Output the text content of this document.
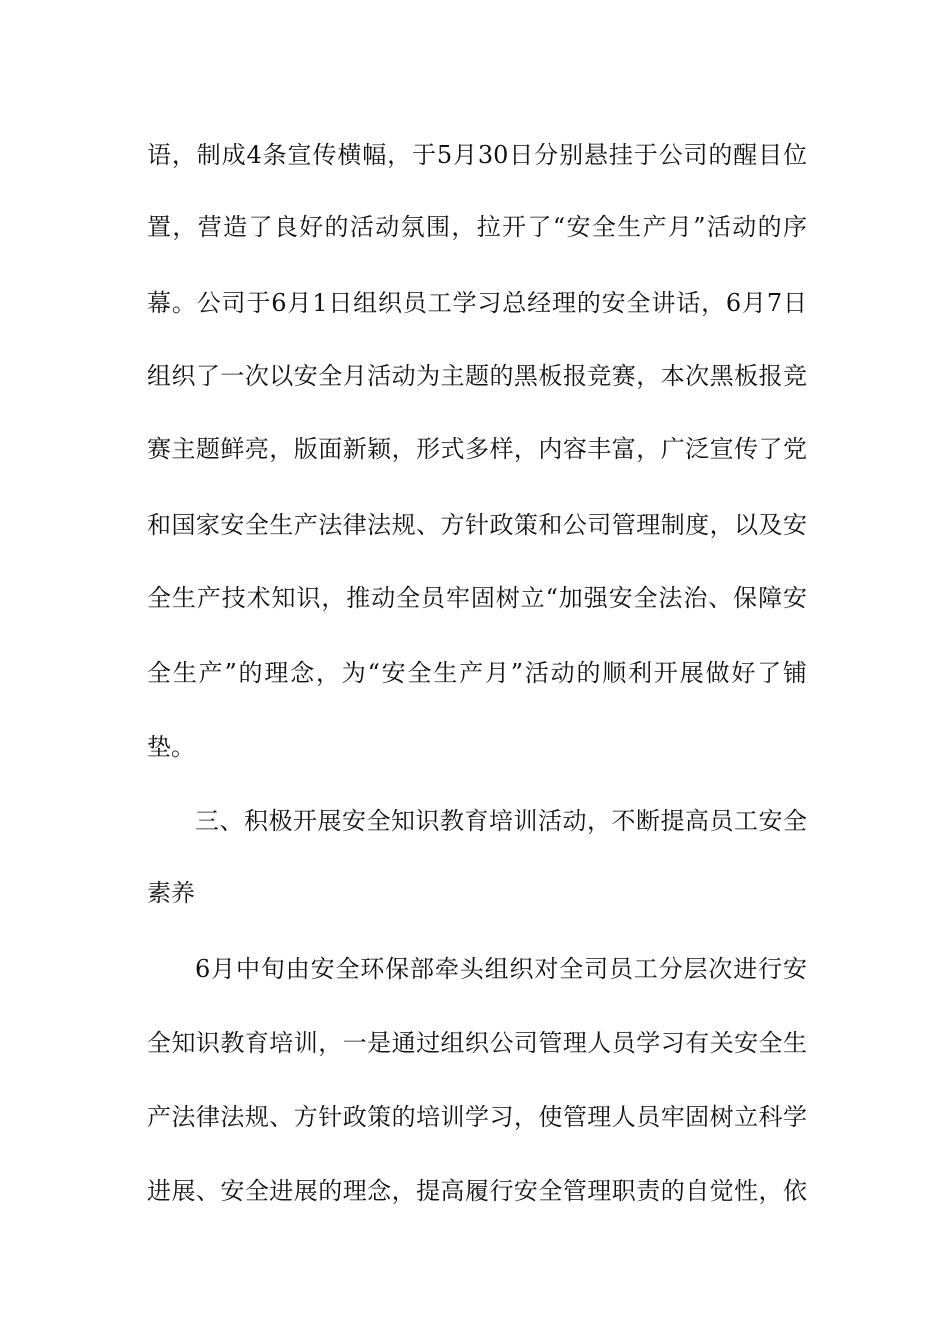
语，制成4条宣传横幅，于5月30日分别悬挂于公司的醒目位
置，营造了良好的活动氛围，拉开了“安全生产月”活动的序
幕。公司于6月1日组织员工学习总经理的安全讲话，6月7日
组织了一次以安全月活动为主题的黑板报竞赛，本次黑板报竞
赛主题鲜亮，版面新颖，形式多样，内容丰富，广泛宣传了党
和国家安全生产法律法规、方针政策和公司管理制度，以及安
全生产技术知识，推动全员牢固树立“加强安全法治、保障安
全生产”的理念，为“安全生产月”活动的顺利开展做好了铺
垫。
三、积极开展安全知识教育培训活动，不断提高员工安全
素养
6月中旬由安全环保部牵头组织对全司员工分层次进行安
全知识教育培训，一是通过组织公司管理人员学习有关安全生
产法律法规、方针政策的培训学习，使管理人员牢固树立科学
进展、安全进展的理念，提高履行安全管理职责的自觉性，依
